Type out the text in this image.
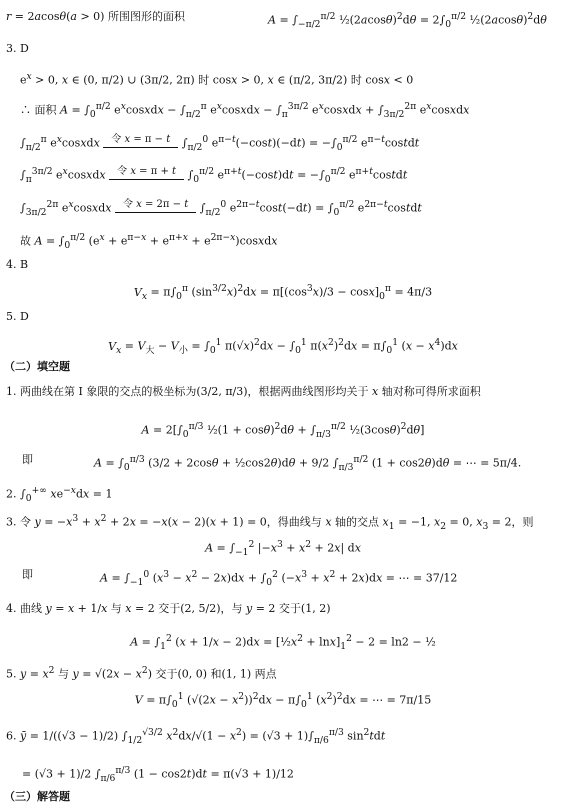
r = 2acosθ(a > 0) 所围图形的面积	$A = \int_{-\pi/2}^{\pi/2}$ $\frac{1}{2}(2acos\theta)^2d\theta = 2\int_0^{\pi/2}$ $\frac{1}{2}(2acos\theta)^2d\theta$
3. D
$e^x > 0$, x ∈ (0, π/2) ∪ (3π/2, 2π) 时 cosx > 0, x ∈ (π/2, 3π/2) 时 cosx < 0
∴ 面积 $A = \int_0^{\pi/2}$ $e^xcosxdx - \int_{\pi/2}^\pi$ $e^xcosxdx - \int_\pi^{3\pi/2}$ $e^xcosxdx + \int_{3\pi/2}^{2\pi}$ $e^xcosxdx$
$\int_{\pi/2}^\pi$ $e^xcosxdx$ 令 x = π − t $\int_{\pi/2}^0$ $e^{\pi-t}(-\cos t)(-dt) = -\int_0^{\pi/2}$ $e^{\pi-t}costdt$
$\int_\pi^{3\pi/2}$ $e^xcosxdx$ 令 x = π + t $\int_0^{\pi/2}$ $e^{\pi+t}(-\cos t)dt = -\int_0^{\pi/2}$ $e^{\pi+t}costdt$
$\int_{3\pi/2}^{2\pi}$ $e^xcosxdx$ 令 x = 2π − t $\int_{\pi/2}^0$ $e^{2\pi-t}\cos t(-dt) = \int_0^{\pi/2}$ $e^{2\pi-t}costdt$
故 $A = \int_0^{\pi/2}$ ($e^x + e^{\pi-x} + e^{\pi+x}$ + $e^{2\pi-x})cosxdx$
4. B
$V_x = \pi\int_0^\pi$ $(\sin^{3/2}x)^2dx = \pi[(\cos^3x)/3 - \cos x]_0^\pi = 4\pi/3$
5. D
$V_x = V_大 - V_小 = \int_0^1$ $\pi(√x)^2dx - \int_0^1$ $\pi(x^2)^2dx = \pi\int_0^1$ $(x - x^4)dx$
（二）填空题
1. 两曲线在第 Ⅰ 象限的交点的极坐标为(3/2, π/3)，根据两曲线图形均关于 x 轴对称可得所求面积
$A = 2[\int_0^{\pi/3}$ ½(1 + $\cos\theta)^2d\theta + \int_{\pi/3}^{\pi/2}$ $\frac{1}{2}(3\cos\theta)^2d\theta$]
即	$A = \int_0^{\pi/3}$ (3/2 + 2cosθ + ½cos2θ)dθ + 9/2 $\int_{\pi/3}^{\pi/2}$ (1 + cos2θ)dθ = ⋯ = 5π/4.
2. $\int_0^{+\infty}$ $xe^{-x}dx = 1$
3. 令 $y = -x^3 + x^2 + 2x = -x(x - 2)(x + 1) = 0$，得曲线与 x 轴的交点 $x_1 = -1$, $x_2 = 0$, $x_3 = 2$，则
$A = \int_{-1}^2$ $|-x^3 + x^2 + 2x|$ dx
即	$A = \int_{-1}^0$ $(x^3 - x^2 - 2x)dx + \int_0^2$ $(-x^3 + x^2 + 2x)dx$ = ⋯ = 37/12
4. 曲线 y = x + 1/x 与 x = 2 交于(2, 5/2)，与 y = 2 交于(1, 2)
$A = \int_1^2$ $(x + 1/x - 2)dx = [\frac{1}{2}x^2 + \ln x]_1^2 - 2 = \ln 2$ − ½
5. $y = x^2$ 与 $y = √(2x - x^2)$ 交于(0, 0) 和(1, 1) 两点
$V = \pi\int_0^1$ $(√(2x - x^2))^2dx - \pi\int_0^1$ $(x^2)^2dx$ = ⋯ = 7π/15
6. ȳ = 1/((√3 − 1)/2) $\int_{1/2}^{√3/2}$ $x^2dx/√(1 - x^2) = (√3 + 1)\int_{\pi/6}^{\pi/3}$ $\sin^2tdt$
= (√3 + 1)/2 $\int_{\pi/6}^{\pi/3}$ (1 − cos2t)dt = π(√3 + 1)/12
（三）解答题
